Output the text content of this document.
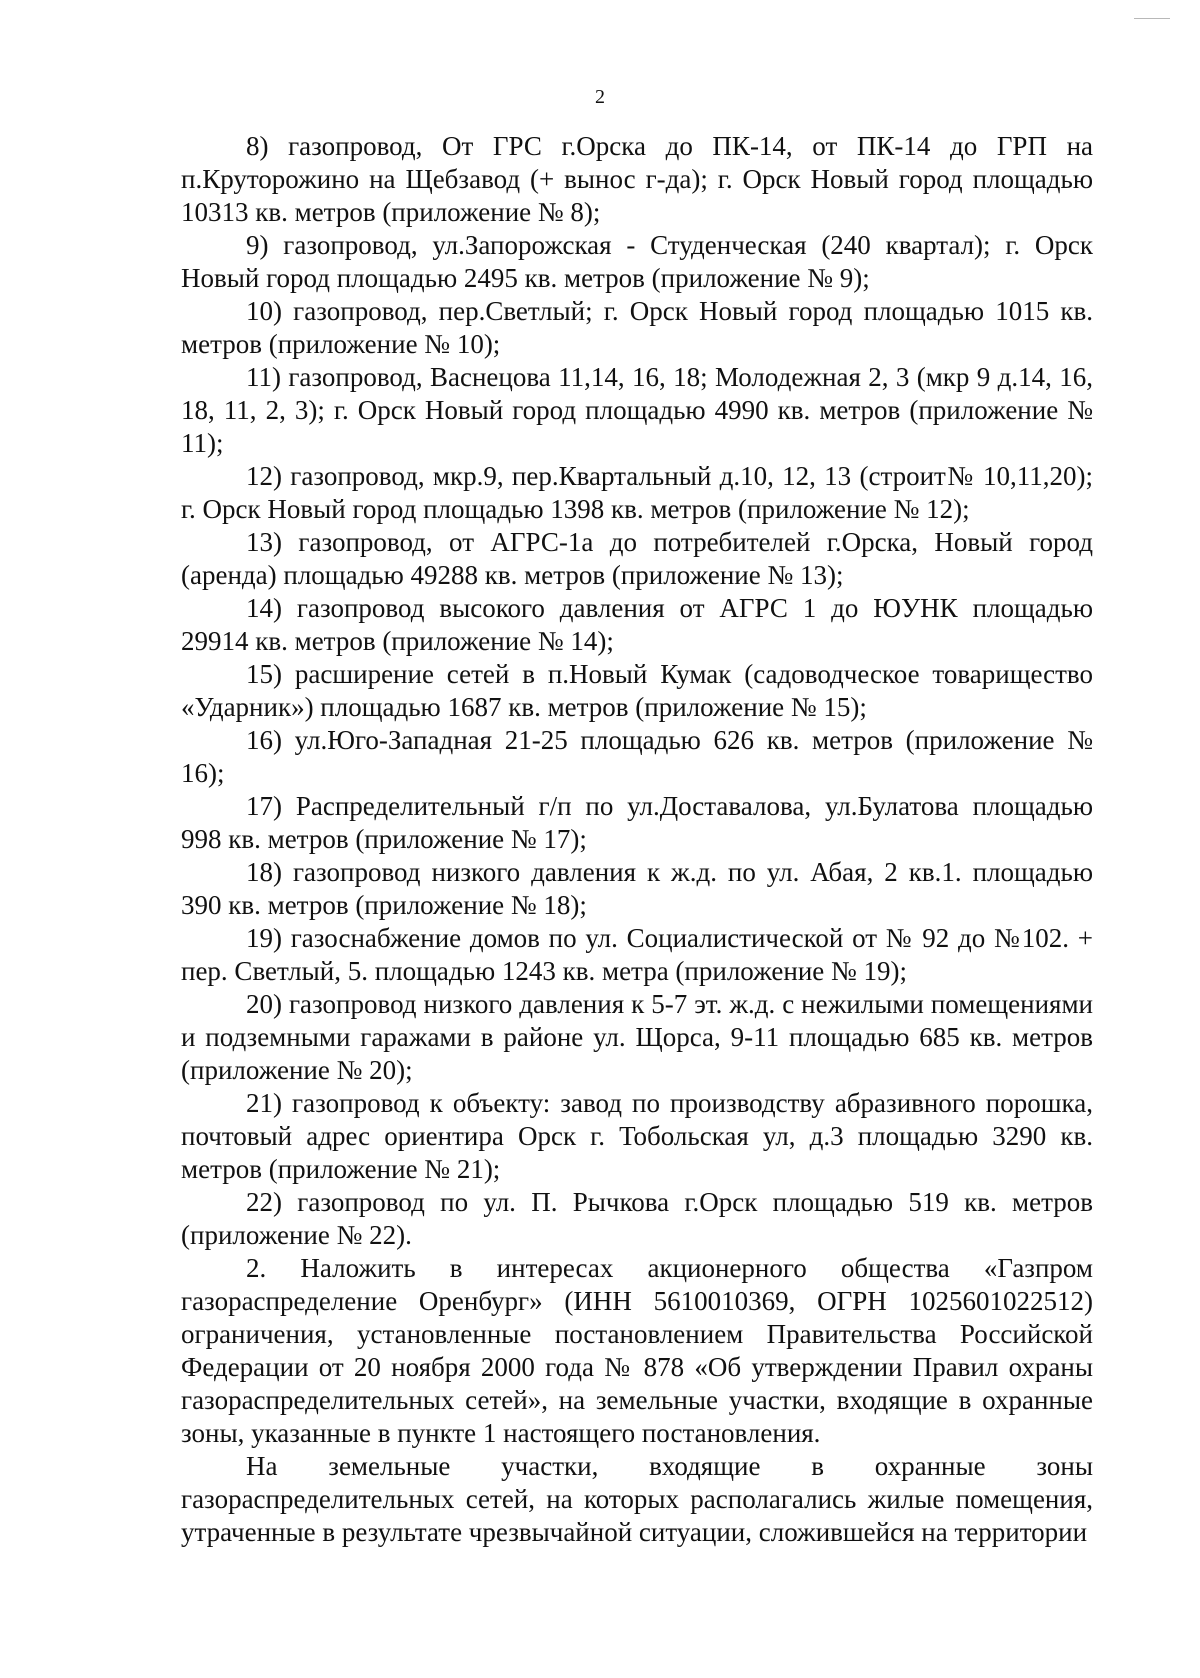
2

8) газопровод, От ГРС г.Орска до ПК-14, от ПК-14 до ГРП на п.Круторожино на Щебзавод (+ вынос г-да); г. Орск Новый город площадью 10313 кв. метров (приложение № 8);

9) газопровод, ул.Запорожская - Студенческая (240 квартал); г. Орск Новый город площадью 2495 кв. метров (приложение № 9);

10) газопровод, пер.Светлый; г. Орск Новый город площадью 1015 кв. метров (приложение № 10);

11) газопровод, Васнецова 11,14, 16, 18; Молодежная 2, 3 (мкр 9 д.14, 16, 18, 11, 2, 3); г. Орск Новый город площадью 4990 кв. метров (приложение № 11);

12) газопровод, мкр.9, пер.Квартальный д.10, 12, 13 (строит№ 10,11,20); г. Орск Новый город площадью 1398 кв. метров (приложение № 12);

13) газопровод, от АГРС-1а до потребителей г.Орска, Новый город (аренда) площадью 49288 кв. метров (приложение № 13);

14) газопровод высокого давления от АГРС 1 до ЮУНК площадью 29914 кв. метров (приложение № 14);

15) расширение сетей в п.Новый Кумак (садоводческое товарищество «Ударник») площадью 1687 кв. метров (приложение № 15);

16) ул.Юго-Западная 21-25 площадью 626 кв. метров (приложение № 16);

17) Распределительный г/п по ул.Доставалова, ул.Булатова площадью 998 кв. метров (приложение № 17);

18) газопровод низкого давления к ж.д. по ул. Абая, 2 кв.1. площадью 390 кв. метров (приложение № 18);

19) газоснабжение домов по ул. Социалистической от № 92 до №102. + пер. Светлый, 5. площадью 1243 кв. метра (приложение № 19);

20) газопровод низкого давления к 5-7 эт. ж.д. с нежилыми помещениями и подземными гаражами в районе ул. Щорса, 9-11 площадью 685 кв. метров (приложение № 20);

21) газопровод к объекту: завод по производству абразивного порошка, почтовый адрес ориентира Орск г. Тобольская ул, д.3 площадью 3290 кв. метров (приложение № 21);

22) газопровод по ул. П. Рычкова г.Орск площадью 519 кв. метров (приложение № 22).

2. Наложить в интересах акционерного общества «Газпром газораспределение Оренбург» (ИНН 5610010369, ОГРН 1025601022512) ограничения, установленные постановлением Правительства Российской Федерации от 20 ноября 2000 года № 878 «Об утверждении Правил охраны газораспределительных сетей», на земельные участки, входящие в охранные зоны, указанные в пункте 1 настоящего постановления.

На земельные участки, входящие в охранные зоны газораспределительных сетей, на которых располагались жилые помещения, утраченные в результате чрезвычайной ситуации, сложившейся на территории
